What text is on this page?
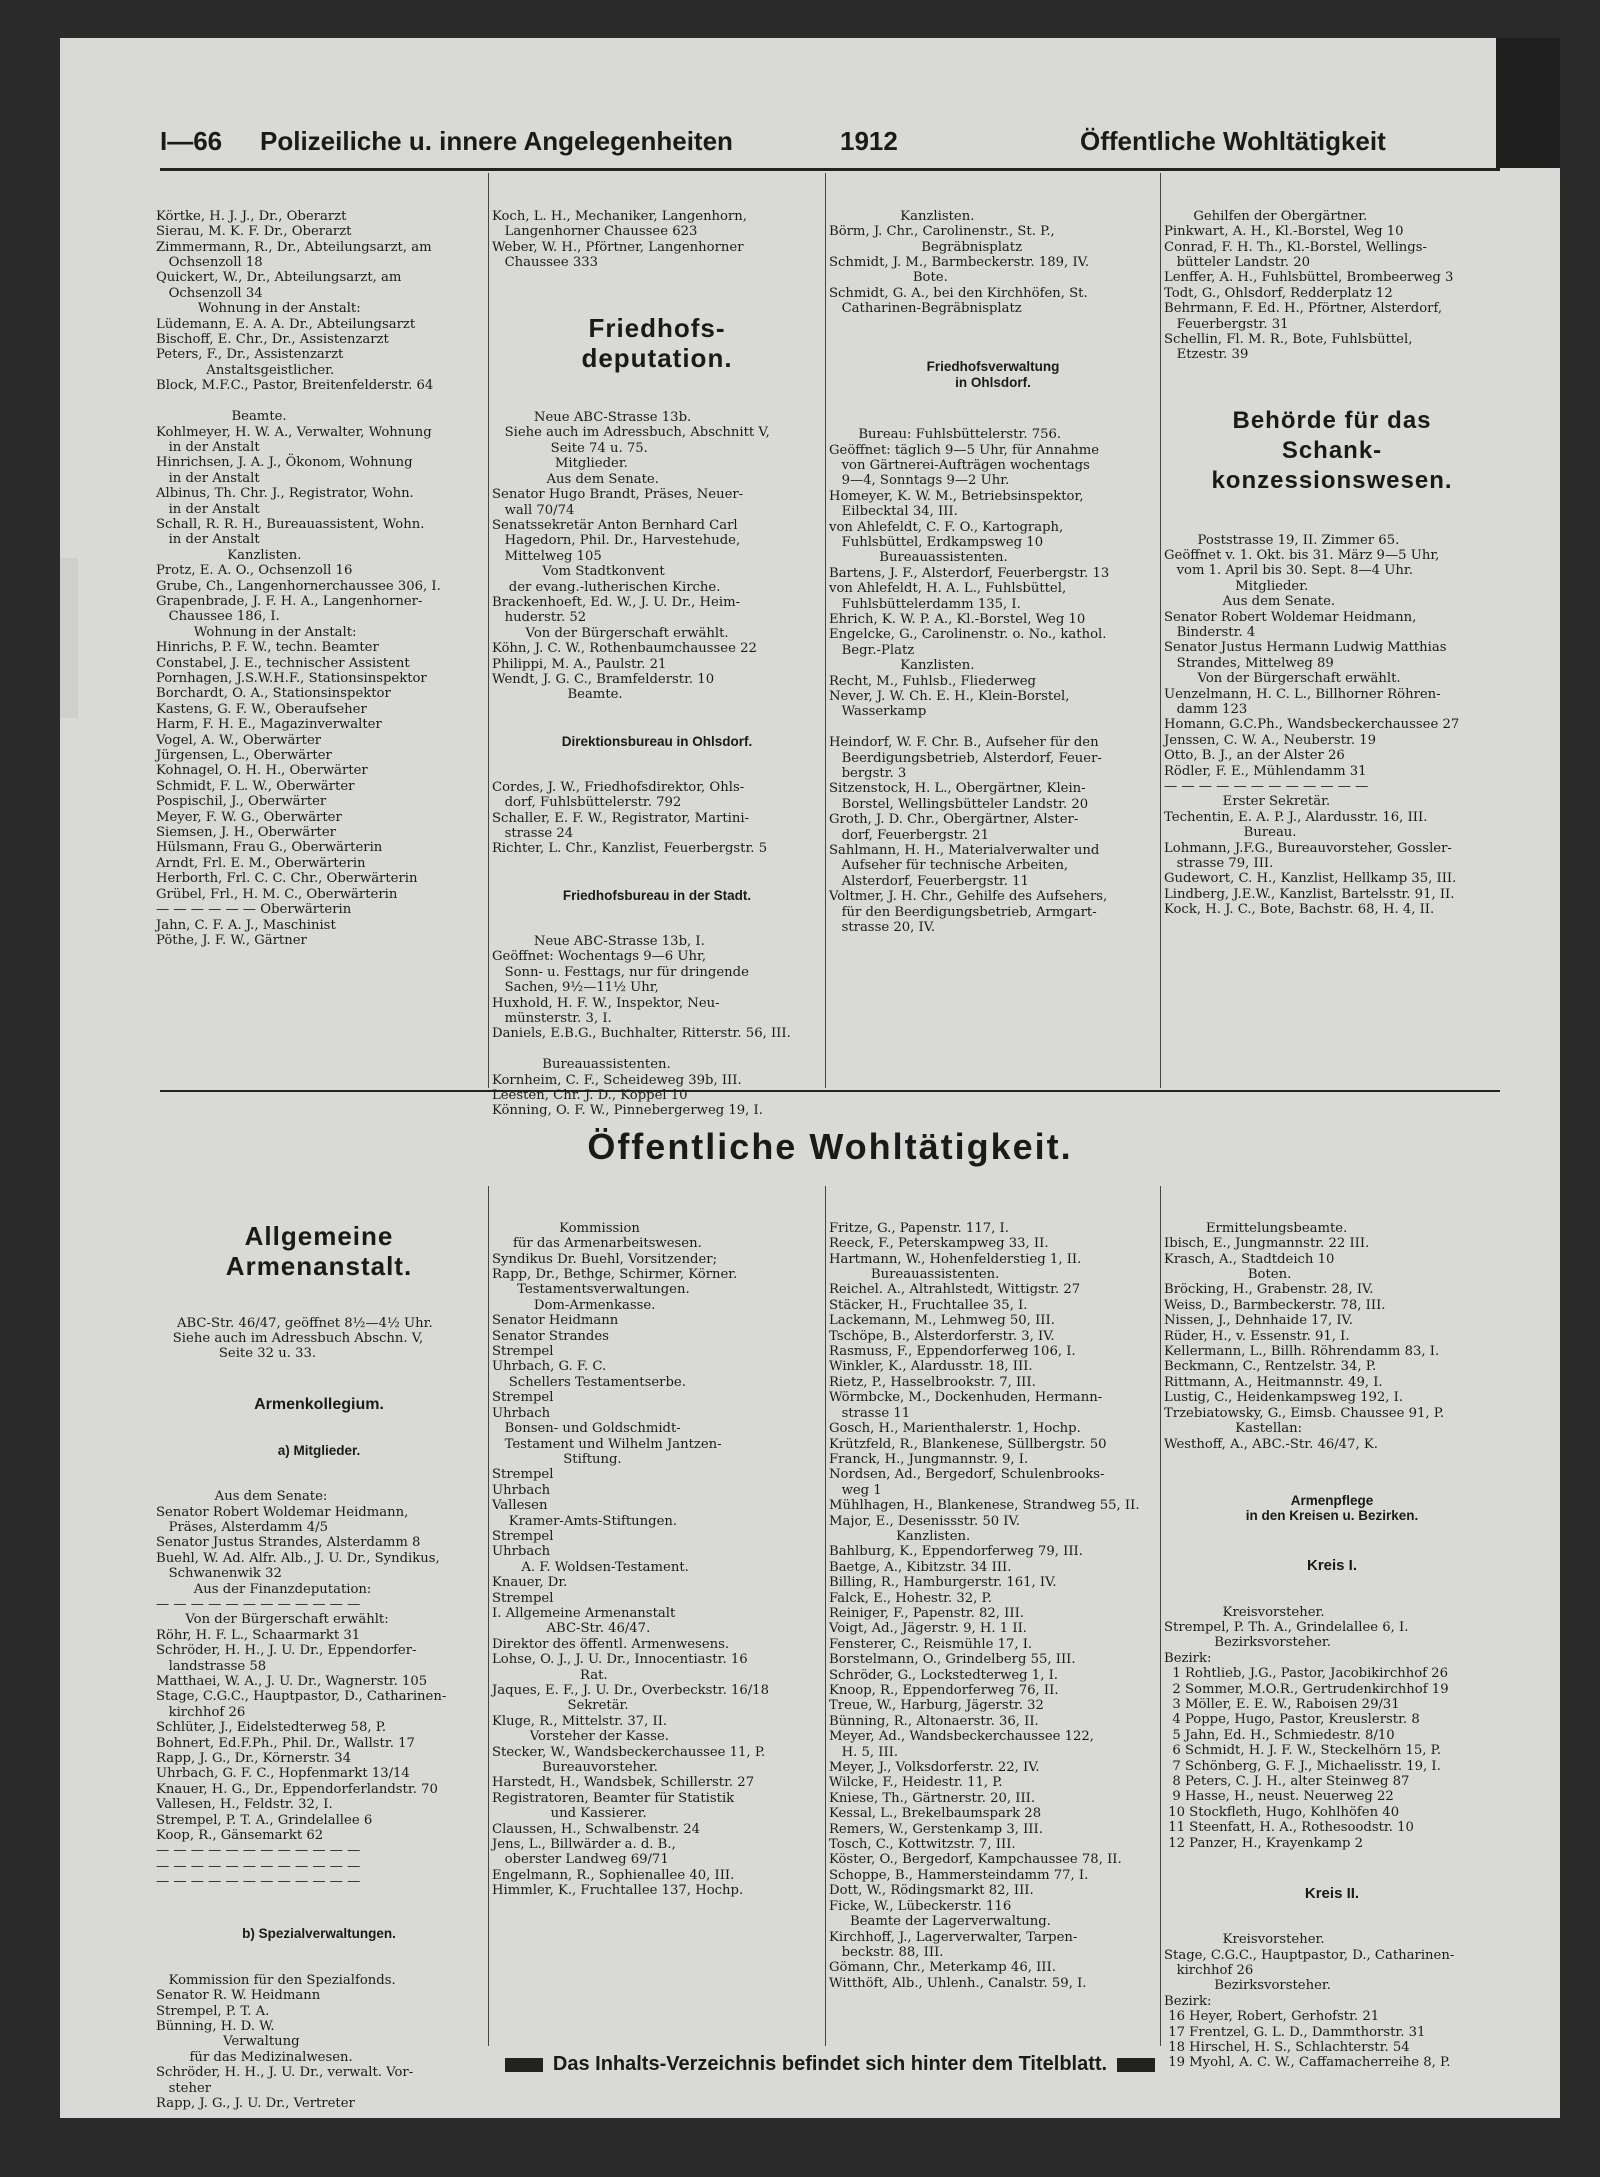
I—66 Polizeiliche u. innere Angelegenheiten	1912	Öffentliche Wohltätigkeit

Körtke, H. J. J., Dr., Oberarzt
Sierau, M. K. F. Dr., Oberarzt
Zimmermann, R., Dr., Abteilungsarzt, am
Ochsenzoll 18
Quickert, W., Dr., Abteilungsarzt, am
Ochsenzoll 34
Wohnung in der Anstalt:
Lüdemann, E. A. A. Dr., Abteilungsarzt
Bischoff, E. Chr., Dr., Assistenzarzt
Peters, F., Dr., Assistenzarzt
Anstaltsgeistlicher.
Block, M.F.C., Pastor, Breitenfelderstr. 64

Beamte.
Kohlmeyer, H. W. A., Verwalter, Wohnung
in der Anstalt
Hinrichsen, J. A. J., Ökonom, Wohnung
in der Anstalt
Albinus, Th. Chr. J., Registrator, Wohn.
in der Anstalt
Schall, R. R. H., Bureauassistent, Wohn.
in der Anstalt
Kanzlisten.
Protz, E. A. O., Ochsenzoll 16
Grube, Ch., Langenhornerchaussee 306, I.
Grapenbrade, J. F. H. A., Langenhorner-
Chaussee 186, I.
Wohnung in der Anstalt:
Hinrichs, P. F. W., techn. Beamter
Constabel, J. E., technischer Assistent
Pornhagen, J.S.W.H.F., Stationsinspektor
Borchardt, O. A., Stationsinspektor
Kastens, G. F. W., Oberaufseher
Harm, F. H. E., Magazinverwalter
Vogel, A. W., Oberwärter
Jürgensen, L., Oberwärter
Kohnagel, O. H. H., Oberwärter
Schmidt, F. L. W., Oberwärter
Pospischil, J., Oberwärter
Meyer, F. W. G., Oberwärter
Siemsen, J. H., Oberwärter
Hülsmann, Frau G., Oberwärterin
Arndt, Frl. E. M., Oberwärterin
Herborth, Frl. C. C. Chr., Oberwärterin
Grübel, Frl., H. M. C., Oberwärterin
— — — — — — Oberwärterin
Jahn, C. F. A. J., Maschinist
Pöthe, J. F. W., Gärtner

Koch, L. H., Mechaniker, Langenhorn,
Langenhorner Chaussee 623
Weber, W. H., Pförtner, Langenhorner
Chaussee 333

Friedhofs-
deputation.

Neue ABC-Strasse 13b.
Siehe auch im Adressbuch, Abschnitt V,
Seite 74 u. 75.
Mitglieder.
Aus dem Senate.
Senator Hugo Brandt, Präses, Neuer-
wall 70/74
Senatssekretär Anton Bernhard Carl
Hagedorn, Phil. Dr., Harvestehude,
Mittelweg 105
Vom Stadtkonvent
der evang.-lutherischen Kirche.
Brackenhoeft, Ed. W., J. U. Dr., Heim-
huderstr. 52
Von der Bürgerschaft erwählt.
Köhn, J. C. W., Rothenbaumchaussee 22
Philippi, M. A., Paulstr. 21
Wendt, J. G. C., Bramfelderstr. 10
Beamte.

Direktionsbureau in Ohlsdorf.

Cordes, J. W., Friedhofsdirektor, Ohls-
dorf, Fuhlsbüttelerstr. 792
Schaller, E. F. W., Registrator, Martini-
strasse 24
Richter, L. Chr., Kanzlist, Feuerbergstr. 5

Friedhofsbureau in der Stadt.

Neue ABC-Strasse 13b, I.
Geöffnet: Wochentags 9—6 Uhr,
Sonn- u. Festtags, nur für dringende
Sachen, 9½—11½ Uhr,
Huxhold, H. F. W., Inspektor, Neu-
münsterstr. 3, I.
Daniels, E.B.G., Buchhalter, Ritterstr. 56, III.

Bureauassistenten.
Kornheim, C. F., Scheideweg 39b, III.
Leesten, Chr. J. D., Koppel 10
Könning, O. F. W., Pinnebergerweg 19, I.

Kanzlisten.
Börm, J. Chr., Carolinenstr., St. P.,
Begräbnisplatz
Schmidt, J. M., Barmbeckerstr. 189, IV.
Bote.
Schmidt, G. A., bei den Kirchhöfen, St.
Catharinen-Begräbnisplatz

Friedhofsverwaltung
in Ohlsdorf.

Bureau: Fuhlsbüttelerstr. 756.
Geöffnet: täglich 9—5 Uhr, für Annahme
von Gärtnerei-Aufträgen wochentags
9—4, Sonntags 9—2 Uhr.
Homeyer, K. W. M., Betriebsinspektor,
Eilbecktal 34, III.
von Ahlefeldt, C. F. O., Kartograph,
Fuhlsbüttel, Erdkampsweg 10
Bureauassistenten.
Bartens, J. F., Alsterdorf, Feuerbergstr. 13
von Ahlefeldt, H. A. L., Fuhlsbüttel,
Fuhlsbüttelerdamm 135, I.
Ehrich, K. W. P. A., Kl.-Borstel, Weg 10
Engelcke, G., Carolinenstr. o. No., kathol.
Begr.-Platz
Kanzlisten.
Recht, M., Fuhlsb., Fliederweg
Never, J. W. Ch. E. H., Klein-Borstel,
Wasserkamp

Heindorf, W. F. Chr. B., Aufseher für den
Beerdigungsbetrieb, Alsterdorf, Feuer-
bergstr. 3
Sitzenstock, H. L., Obergärtner, Klein-
Borstel, Wellingsbütteler Landstr. 20
Groth, J. D. Chr., Obergärtner, Alster-
dorf, Feuerbergstr. 21
Sahlmann, H. H., Materialverwalter und
Aufseher für technische Arbeiten,
Alsterdorf, Feuerbergstr. 11
Voltmer, J. H. Chr., Gehilfe des Aufsehers,
für den Beerdigungsbetrieb, Armgart-
strasse 20, IV.

Gehilfen der Obergärtner.
Pinkwart, A. H., Kl.-Borstel, Weg 10
Conrad, F. H. Th., Kl.-Borstel, Wellings-
bütteler Landstr. 20
Lenffer, A. H., Fuhlsbüttel, Brombeerweg 3
Todt, G., Ohlsdorf, Redderplatz 12
Behrmann, F. Ed. H., Pförtner, Alsterdorf,
Feuerbergstr. 31
Schellin, Fl. M. R., Bote, Fuhlsbüttel,
Etzestr. 39

Behörde für das
Schank-
konzessionswesen.

Poststrasse 19, II. Zimmer 65.
Geöffnet v. 1. Okt. bis 31. März 9—5 Uhr,
vom 1. April bis 30. Sept. 8—4 Uhr.
Mitglieder.
Aus dem Senate.
Senator Robert Woldemar Heidmann,
Binderstr. 4
Senator Justus Hermann Ludwig Matthias
Strandes, Mittelweg 89
Von der Bürgerschaft erwählt.
Uenzelmann, H. C. L., Billhorner Röhren-
damm 123
Homann, G.C.Ph., Wandsbeckerchaussee 27
Jenssen, C. W. A., Neuberstr. 19
Otto, B. J., an der Alster 26
Rödler, F. E., Mühlendamm 31
— — — — — — — — — — — —
Erster Sekretär.
Techentin, E. A. P. J., Alardusstr. 16, III.
Bureau.
Lohmann, J.F.G., Bureauvorsteher, Gossler-
strasse 79, III.
Gudewort, C. H., Kanzlist, Hellkamp 35, III.
Lindberg, J.E.W., Kanzlist, Bartelsstr. 91, II.
Kock, H. J. C., Bote, Bachstr. 68, H. 4, II.

Öffentliche Wohltätigkeit.

Allgemeine
Armenanstalt.

ABC-Str. 46/47, geöffnet 8½—4½ Uhr.
Siehe auch im Adressbuch Abschn. V,
Seite 32 u. 33.

Armenkollegium.

a) Mitglieder.

Aus dem Senate:
Senator Robert Woldemar Heidmann,
Präses, Alsterdamm 4/5
Senator Justus Strandes, Alsterdamm 8
Buehl, W. Ad. Alfr. Alb., J. U. Dr., Syndikus,
Schwanenwik 32
Aus der Finanzdeputation:
— — — — — — — — — — — —
Von der Bürgerschaft erwählt:
Röhr, H. F. L., Schaarmarkt 31
Schröder, H. H., J. U. Dr., Eppendorfer-
landstrasse 58
Matthaei, W. A., J. U. Dr., Wagnerstr. 105
Stage, C.G.C., Hauptpastor, D., Catharinen-
kirchhof 26
Schlüter, J., Eidelstedterweg 58, P.
Bohnert, Ed.F.Ph., Phil. Dr., Wallstr. 17
Rapp, J. G., Dr., Körnerstr. 34
Uhrbach, G. F. C., Hopfenmarkt 13/14
Knauer, H. G., Dr., Eppendorferlandstr. 70
Vallesen, H., Feldstr. 32, I.
Strempel, P. T. A., Grindelallee 6
Koop, R., Gänsemarkt 62
— — — — — — — — — — — —
— — — — — — — — — — — —
— — — — — — — — — — — —

b) Spezialverwaltungen.

Kommission für den Spezialfonds.
Senator R. W. Heidmann
Strempel, P. T. A.
Bünning, H. D. W.
Verwaltung
für das Medizinalwesen.
Schröder, H. H., J. U. Dr., verwalt. Vor-
steher
Rapp, J. G., J. U. Dr., Vertreter

Kommission
für das Armenarbeitswesen.
Syndikus Dr. Buehl, Vorsitzender;
Rapp, Dr., Bethge, Schirmer, Körner.
Testamentsverwaltungen.
Dom-Armenkasse.
Senator Heidmann
Senator Strandes
Strempel
Uhrbach, G. F. C.
Schellers Testamentserbe.
Strempel
Uhrbach
Bonsen- und Goldschmidt-
Testament und Wilhelm Jantzen-
Stiftung.
Strempel
Uhrbach
Vallesen
Kramer-Amts-Stiftungen.
Strempel
Uhrbach
A. F. Woldsen-Testament.
Knauer, Dr.
Strempel
I. Allgemeine Armenanstalt
ABC-Str. 46/47.
Direktor des öffentl. Armenwesens.
Lohse, O. J., J. U. Dr., Innocentiastr. 16
Rat.
Jaques, E. F., J. U. Dr., Overbeckstr. 16/18
Sekretär.
Kluge, R., Mittelstr. 37, II.
Vorsteher der Kasse.
Stecker, W., Wandsbeckerchaussee 11, P.
Bureauvorsteher.
Harstedt, H., Wandsbek, Schillerstr. 27
Registratoren, Beamter für Statistik
und Kassierer.
Claussen, H., Schwalbenstr. 24
Jens, L., Billwärder a. d. B.,
oberster Landweg 69/71
Engelmann, R., Sophienallee 40, III.
Himmler, K., Fruchtallee 137, Hochp.

Fritze, G., Papenstr. 117, I.
Reeck, F., Peterskampweg 33, II.
Hartmann, W., Hohenfelderstieg 1, II.
Bureauassistenten.
Reichel. A., Altrahlstedt, Wittigstr. 27
Stäcker, H., Fruchtallee 35, I.
Lackemann, M., Lehmweg 50, III.
Tschöpe, B., Alsterdorferstr. 3, IV.
Rasmuss, F., Eppendorferweg 106, I.
Winkler, K., Alardusstr. 18, III.
Rietz, P., Hasselbrookstr. 7, III.
Wörmbcke, M., Dockenhuden, Hermann-
strasse 11
Gosch, H., Marienthalerstr. 1, Hochp.
Krützfeld, R., Blankenese, Süllbergstr. 50
Franck, H., Jungmannstr. 9, I.
Nordsen, Ad., Bergedorf, Schulenbrooks-
weg 1
Mühlhagen, H., Blankenese, Strandweg 55, II.
Major, E., Desenissstr. 50 IV.
Kanzlisten.
Bahlburg, K., Eppendorferweg 79, III.
Baetge, A., Kibitzstr. 34 III.
Billing, R., Hamburgerstr. 161, IV.
Falck, E., Hohestr. 32, P.
Reiniger, F., Papenstr. 82, III.
Voigt, Ad., Jägerstr. 9, H. 1 II.
Fensterer, C., Reismühle 17, I.
Borstelmann, O., Grindelberg 55, III.
Schröder, G., Lockstedterweg 1, I.
Knoop, R., Eppendorferweg 76, II.
Treue, W., Harburg, Jägerstr. 32
Bünning, R., Altonaerstr. 36, II.
Meyer, Ad., Wandsbeckerchaussee 122,
H. 5, III.
Meyer, J., Volksdorferstr. 22, IV.
Wilcke, F., Heidestr. 11, P.
Kniese, Th., Gärtnerstr. 20, III.
Kessal, L., Brekelbaumspark 28
Remers, W., Gerstenkamp 3, III.
Tosch, C., Kottwitzstr. 7, III.
Köster, O., Bergedorf, Kampchaussee 78, II.
Schoppe, B., Hammersteindamm 77, I.
Dott, W., Rödingsmarkt 82, III.
Ficke, W., Lübeckerstr. 116
Beamte der Lagerverwaltung.
Kirchhoff, J., Lagerverwalter, Tarpen-
beckstr. 88, III.
Gömann, Chr., Meterkamp 46, III.
Witthöft, Alb., Uhlenh., Canalstr. 59, I.

Ermittelungsbeamte.
Ibisch, E., Jungmannstr. 22 III.
Krasch, A., Stadtdeich 10
Boten.
Bröcking, H., Grabenstr. 28, IV.
Weiss, D., Barmbeckerstr. 78, III.
Nissen, J., Dehnhaide 17, IV.
Rüder, H., v. Essenstr. 91, I.
Kellermann, L., Billh. Röhrendamm 83, I.
Beckmann, C., Rentzelstr. 34, P.
Rittmann, A., Heitmannstr. 49, I.
Lustig, C., Heidenkampsweg 192, I.
Trzebiatowsky, G., Eimsb. Chaussee 91, P.
Kastellan:
Westhoff, A., ABC.-Str. 46/47, K.

Armenpflege
in den Kreisen u. Bezirken.

Kreis I.

Kreisvorsteher.
Strempel, P. Th. A., Grindelallee 6, I.
Bezirksvorsteher.
Bezirk:
1 Rohtlieb, J.G., Pastor, Jacobikirchhof 26
2 Sommer, M.O.R., Gertrudenkirchhof 19
3 Möller, E. E. W., Raboisen 29/31
4 Poppe, Hugo, Pastor, Kreuslerstr. 8
5 Jahn, Ed. H., Schmiedestr. 8/10
6 Schmidt, H. J. F. W., Steckelhörn 15, P.
7 Schönberg, G. F. J., Michaelisstr. 19, I.
8 Peters, C. J. H., alter Steinweg 87
9 Hasse, H., neust. Neuerweg 22
10 Stockfleth, Hugo, Kohlhöfen 40
11 Steenfatt, H. A., Rothesoodstr. 10
12 Panzer, H., Krayenkamp 2

Kreis II.

Kreisvorsteher.
Stage, C.G.C., Hauptpastor, D., Catharinen-
kirchhof 26
Bezirksvorsteher.
Bezirk:
16 Heyer, Robert, Gerhofstr. 21
17 Frentzel, G. L. D., Dammthorstr. 31
18 Hirschel, H. S., Schlachterstr. 54
19 Myohl, A. C. W., Caffamacherreihe 8, P.

Das Inhalts-Verzeichnis befindet sich hinter dem Titelblatt.
